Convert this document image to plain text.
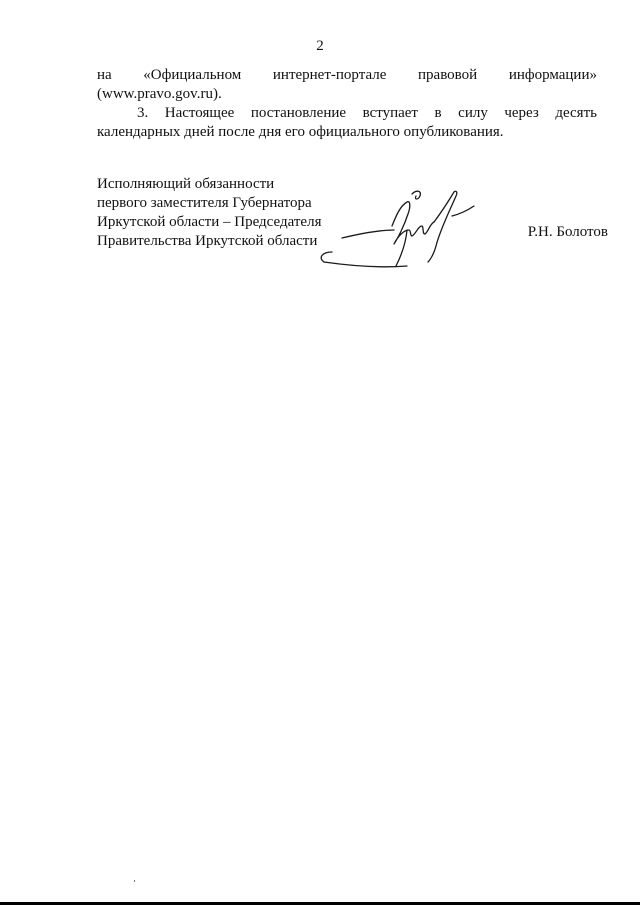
2
на «Официальном интернет-портале правовой информации»
(www.pravo.gov.ru).
3. Настоящее постановление вступает в силу через десять
календарных дней после дня его официального опубликования.
Исполняющий обязанности
первого заместителя Губернатора
Иркутской области – Председателя
Правительства Иркутской области
Р.Н. Болотов
